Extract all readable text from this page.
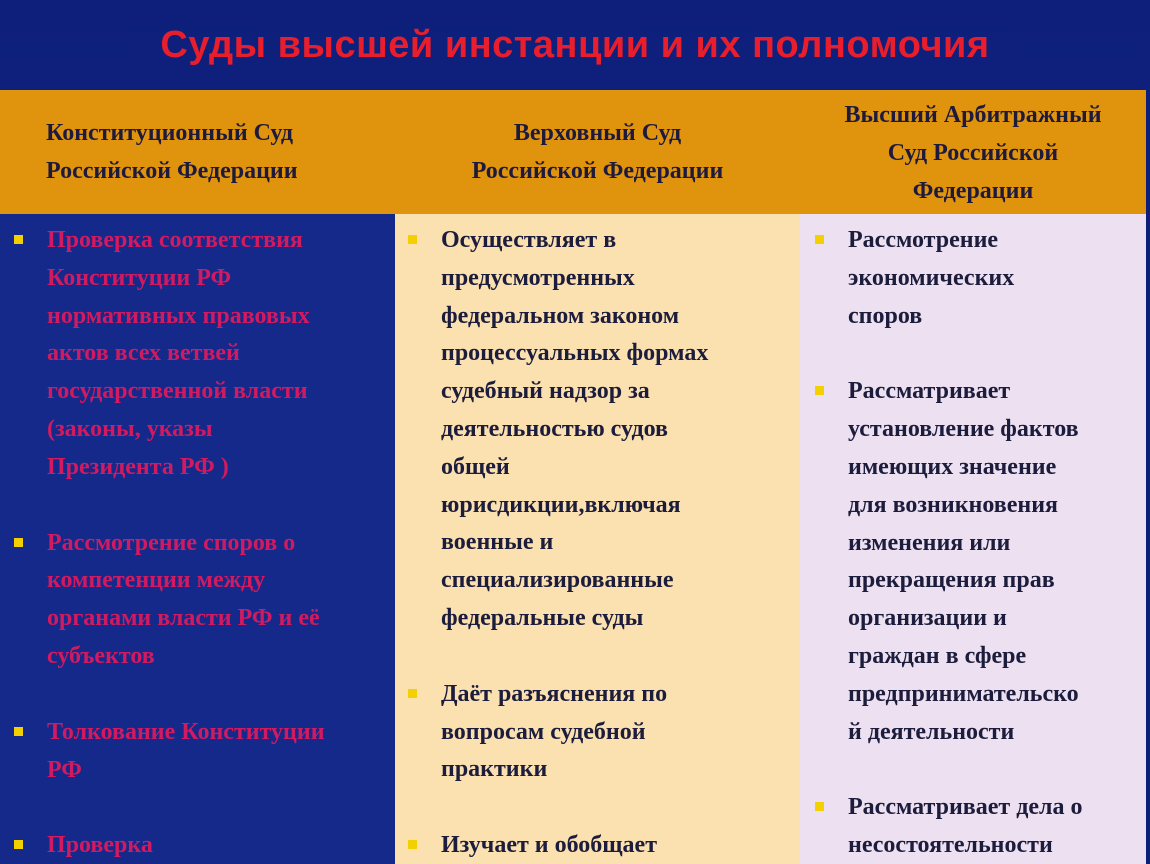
Суды высшей инстанции и их полномочия
Конституционный Суд
Российской Федерации
Верховный Суд
Российской Федерации
Высший Арбитражный
Суд Российской
Федерации
Проверка соответствия
Конституции РФ
нормативных правовых
актов всех ветвей
государственной власти
(законы, указы
Президента РФ )
Рассмотрение споров о
компетенции между
органами власти РФ и её
субъектов
Толкование Конституции
РФ
Проверка
Осуществляет в
предусмотренных
федеральном законом
процессуальных формах
судебный надзор за
деятельностью судов
общей
юрисдикции,включая
военные и
специализированные
федеральные суды
Даёт разъяснения по
вопросам судебной
практики
Изучает и обобщает
Рассмотрение
экономических
споров
Рассматривает
установление фактов
имеющих значение
для возникновения
изменения или
прекращения прав
организации и
граждан в сфере
предпринимательско
й деятельности
Рассматривает дела о
несостоятельности
